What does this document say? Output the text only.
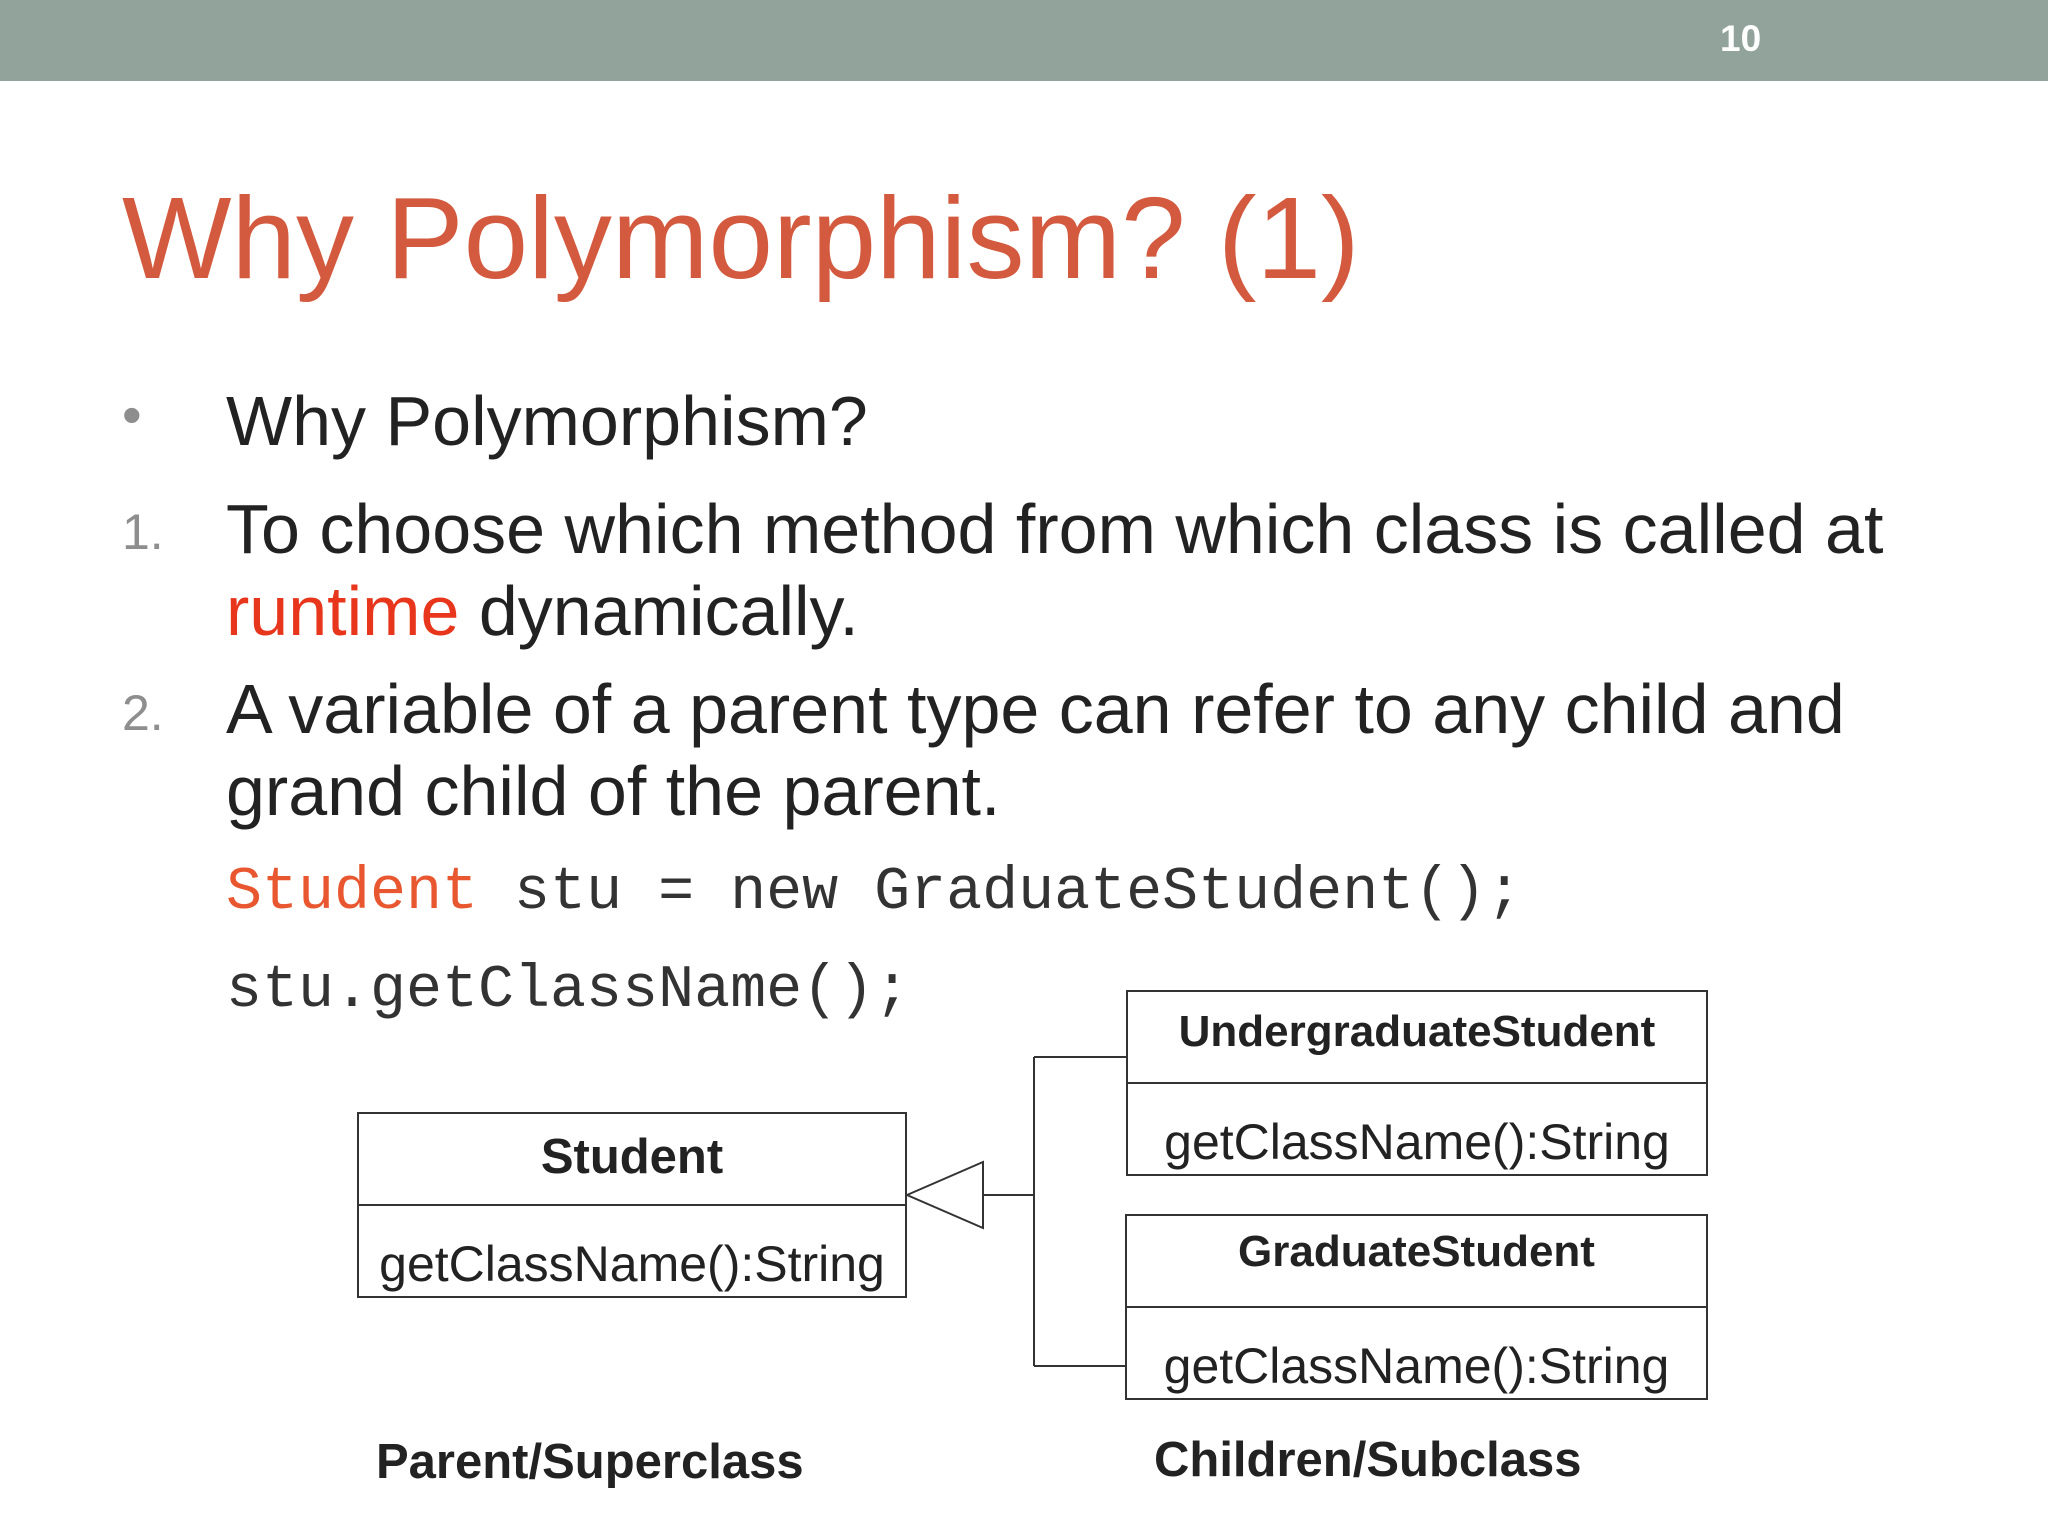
10
Why Polymorphism? (1)
• Why Polymorphism?
1. To choose which method from which class is called at
runtime dynamically.
2. A variable of a parent type can refer to any child and
grand child of the parent.
Student stu = new GraduateStudent();
stu.getClassName();
Student
getClassName():String
UndergraduateStudent
getClassName():String
GraduateStudent
getClassName():String
Parent/Superclass	Children/Subclass
